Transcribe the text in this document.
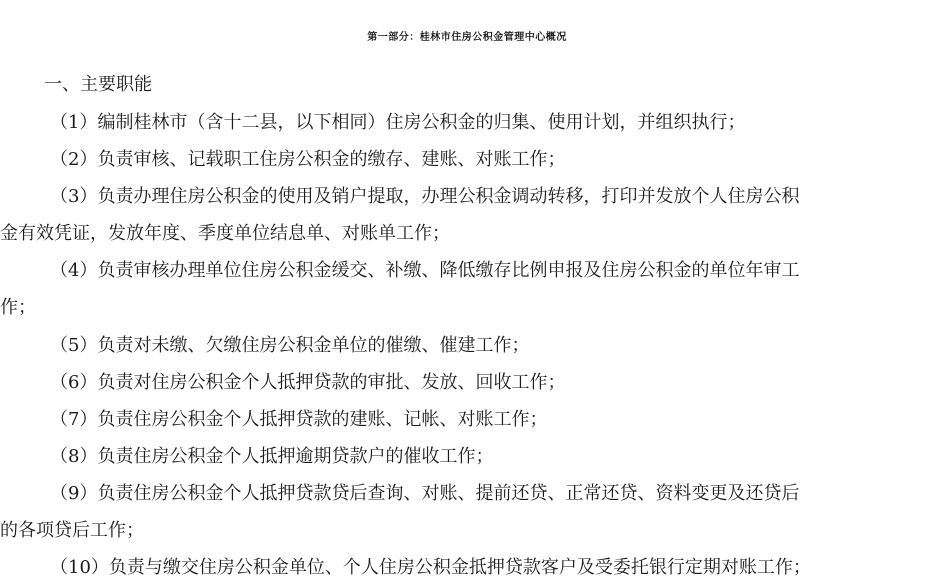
第一部分：桂林市住房公积金管理中心概况
一、主要职能
（1）编制桂林市（含十二县，以下相同）住房公积金的归集、使用计划，并组织执行；
（2）负责审核、记载职工住房公积金的缴存、建账、对账工作；
（3）负责办理住房公积金的使用及销户提取，办理公积金调动转移，打印并发放个人住房公积
金有效凭证，发放年度、季度单位结息单、对账单工作；
（4）负责审核办理单位住房公积金缓交、补缴、降低缴存比例申报及住房公积金的单位年审工
作；
（5）负责对未缴、欠缴住房公积金单位的催缴、催建工作；
（6）负责对住房公积金个人抵押贷款的审批、发放、回收工作；
（7）负责住房公积金个人抵押贷款的建账、记帐、对账工作；
（8）负责住房公积金个人抵押逾期贷款户的催收工作；
（9）负责住房公积金个人抵押贷款贷后查询、对账、提前还贷、正常还贷、资料变更及还贷后
的各项贷后工作；
（10）负责与缴交住房公积金单位、个人住房公积金抵押贷款客户及受委托银行定期对账工作；
